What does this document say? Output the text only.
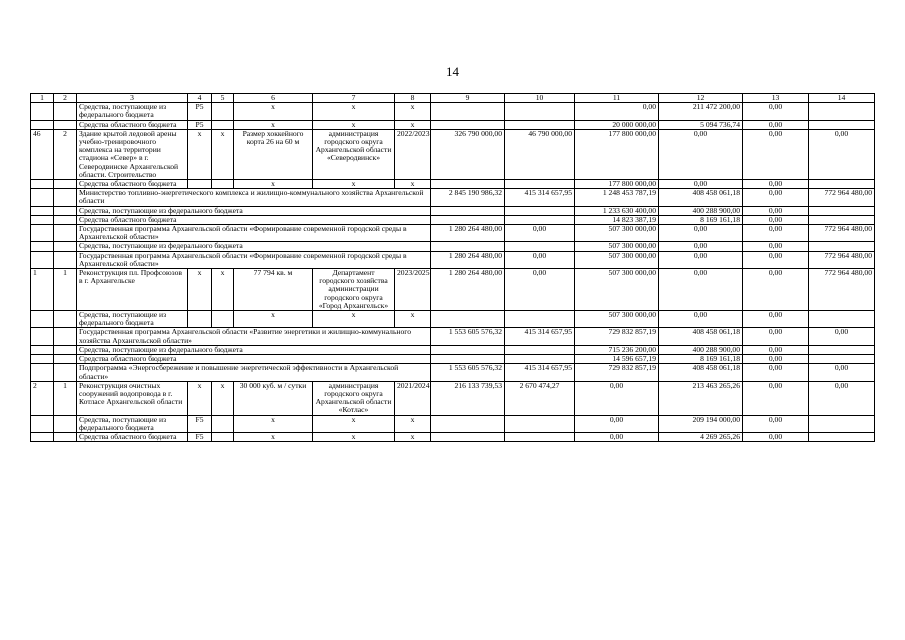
14
1	2	3	4	5	6	7	8	9	10	11	12	13	14
		Средства, поступающие из федерального бюджета	P5		х	х	х			0,00	211 472 200,00	0,00	
		Средства областного бюджета	P5		х	х	х			20 000 000,00	5 094 736,74	0,00	
46	2	Здание крытой ледовой арены учебно-тренировочного комплекса на территории стадиона «Север» в г. Северодвинске Архангельской области. Строительство	х	х	Размер хоккейного корта 26 на 60 м	администрация городского округа Архангельской области «Северодвинск»	2022/2023	326 790 000,00	46 790 000,00	177 800 000,00	0,00	0,00	0,00
		Средства областного бюджета			х	х	х			177 800 000,00	0,00	0,00	
		Министерство топливно-энергетического комплекса и жилищно-коммунального хозяйства Архангельской области						2 845 190 986,32	415 314 657,95	1 248 453 787,19	408 458 061,18	0,00	772 964 480,00
		Средства, поступающие из федерального бюджета								1 233 630 400,00	400 288 900,00	0,00	
		Средства областного бюджета								14 823 387,19	8 169 161,18	0,00	
		Государственная программа Архангельской области «Формирование современной городской среды в Архангельской области»						1 280 264 480,00	0,00	507 300 000,00	0,00	0,00	772 964 480,00
		Средства, поступающие из федерального бюджета								507 300 000,00	0,00	0,00	
		Государственная программа Архангельской области «Формирование современной городской среды в Архангельской области»						1 280 264 480,00	0,00	507 300 000,00	0,00	0,00	772 964 480,00
1	1	Реконструкция пл. Профсоюзов в г. Архангельске	х	х	77 794 кв. м	Департамент городского хозяйства администрации городского округа «Город Архангельск»	2023/2025	1 280 264 480,00	0,00	507 300 000,00	0,00	0,00	772 964 480,00
		Средства, поступающие из федерального бюджета			х	х	х			507 300 000,00	0,00	0,00	
		Государственная программа Архангельской области «Развитие энергетики и жилищно-коммунального хозяйства Архангельской области»						1 553 605 576,32	415 314 657,95	729 832 857,19	408 458 061,18	0,00	0,00
		Средства, поступающие из федерального бюджета								715 236 200,00	400 288 900,00	0,00	
		Средства областного бюджета								14 596 657,19	8 169 161,18	0,00	
		Подпрограмма «Энергосбережение и повышение энергетической эффективности в Архангельской области»						1 553 605 576,32	415 314 657,95	729 832 857,19	408 458 061,18	0,00	0,00
2	1	Реконструкция очистных сооружений водопровода в г. Котласе Архангельской области	х	х	30 000 куб. м / сутки	администрация городского округа Архангельской области «Котлас»	2021/2024	216 133 739,53	2 670 474,27	0,00	213 463 265,26	0,00	0,00
		Средства, поступающие из федерального бюджета	F5		х	х	х			0,00	209 194 000,00	0,00	
		Средства областного бюджета	F5		х	х	х			0,00	4 269 265,26	0,00	
